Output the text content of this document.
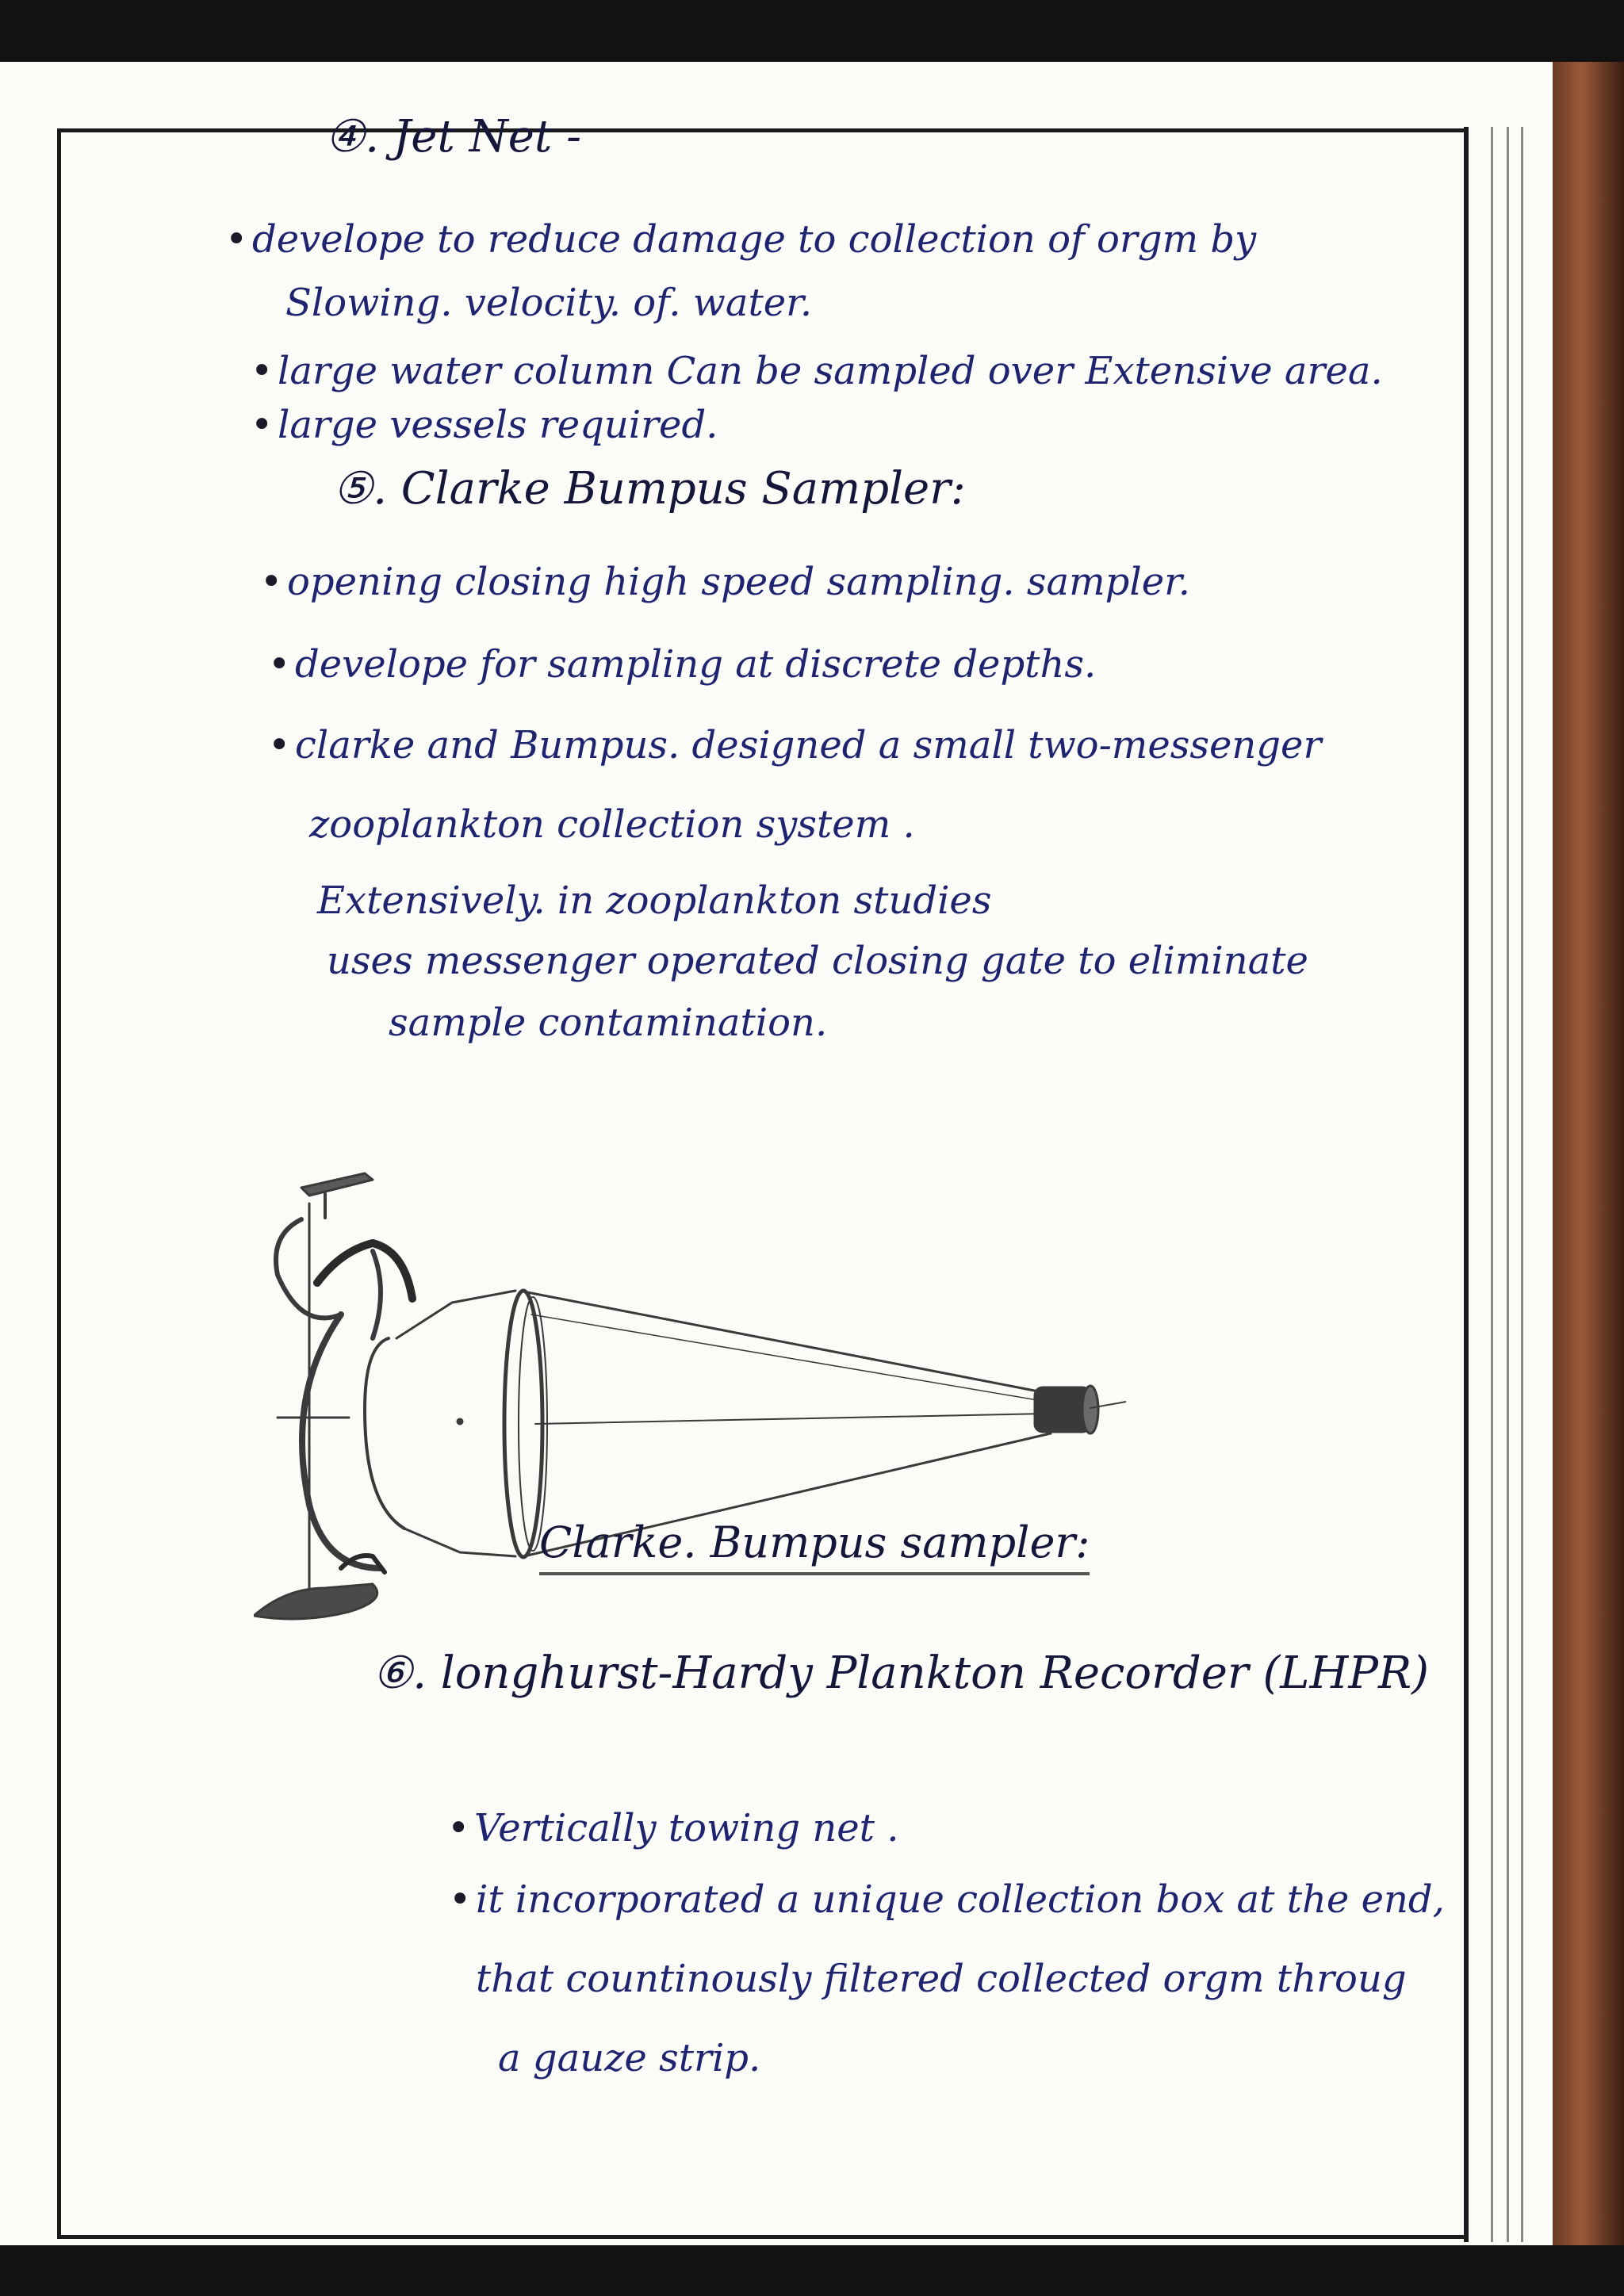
④. Jet Net -
• develope to reduce damage to collection of orgm by
Slowing. velocity. of. water.
• large water column Can be sampled over Extensive area.
• large vessels required.
⑤. Clarke Bumpus Sampler:
• opening closing high speed sampling. sampler.
• develope for sampling at discrete depths.
• clarke and Bumpus. designed a small two-messenger
zooplankton collection system .
Extensively. in zooplankton studies
uses messenger operated closing gate to eliminate
sample contamination.
Clarke. Bumpus sampler:
⑥. longhurst-Hardy Plankton Recorder (LHPR)
• Vertically towing net .
• it incorporated a unique collection box at the end,
that countinously filtered collected orgm throug
a gauze strip.
